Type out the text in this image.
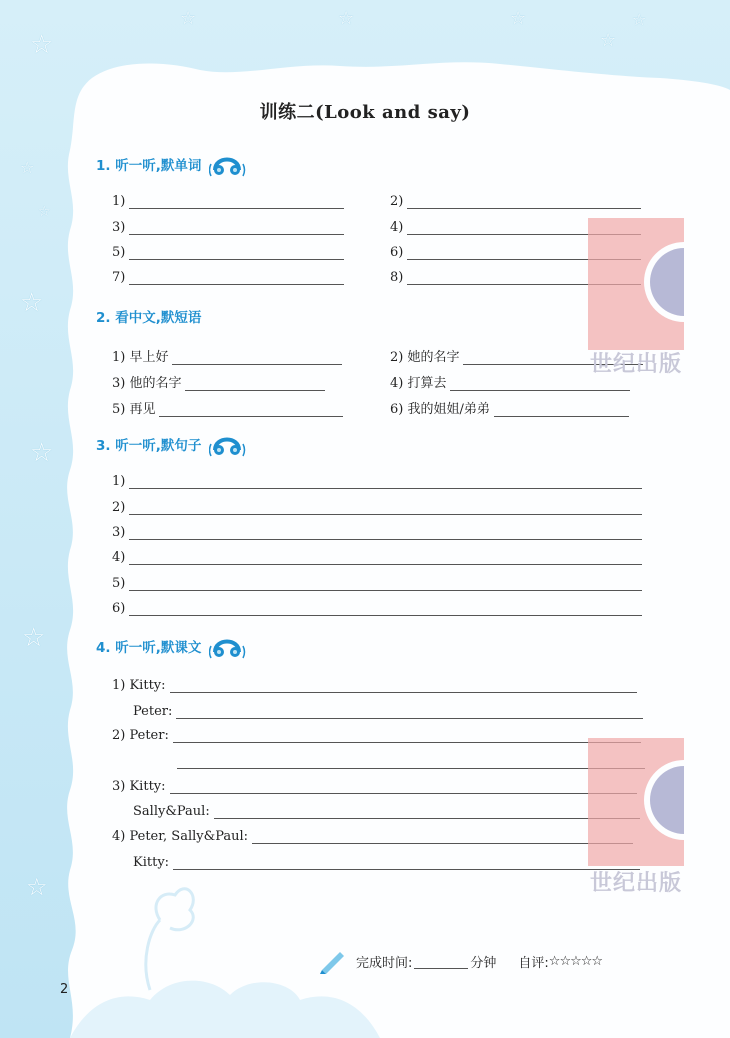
☆	☆	☆	☆
☆
☆
☆
☆
☆
☆
☆
☆
训练二(Look and say)
1. 听一听,默单词
1)	2)
3)	4)
5)	6)
7)	8)
2. 看中文,默短语
1) 早上好	2) 她的名字
3) 他的名字	4) 打算去
5) 再见	6) 我的姐姐/弟弟
3. 听一听,默句子
1)
2)
3)
4)
5)
6)
4. 听一听,默课文
1) Kitty:
Peter:
2) Peter:
3) Kitty:
Sally&Paul:
4) Peter, Sally&Paul:
Kitty:
世纪出版
世纪出版
完成时间:	分钟 自评: ☆☆☆☆☆
2
